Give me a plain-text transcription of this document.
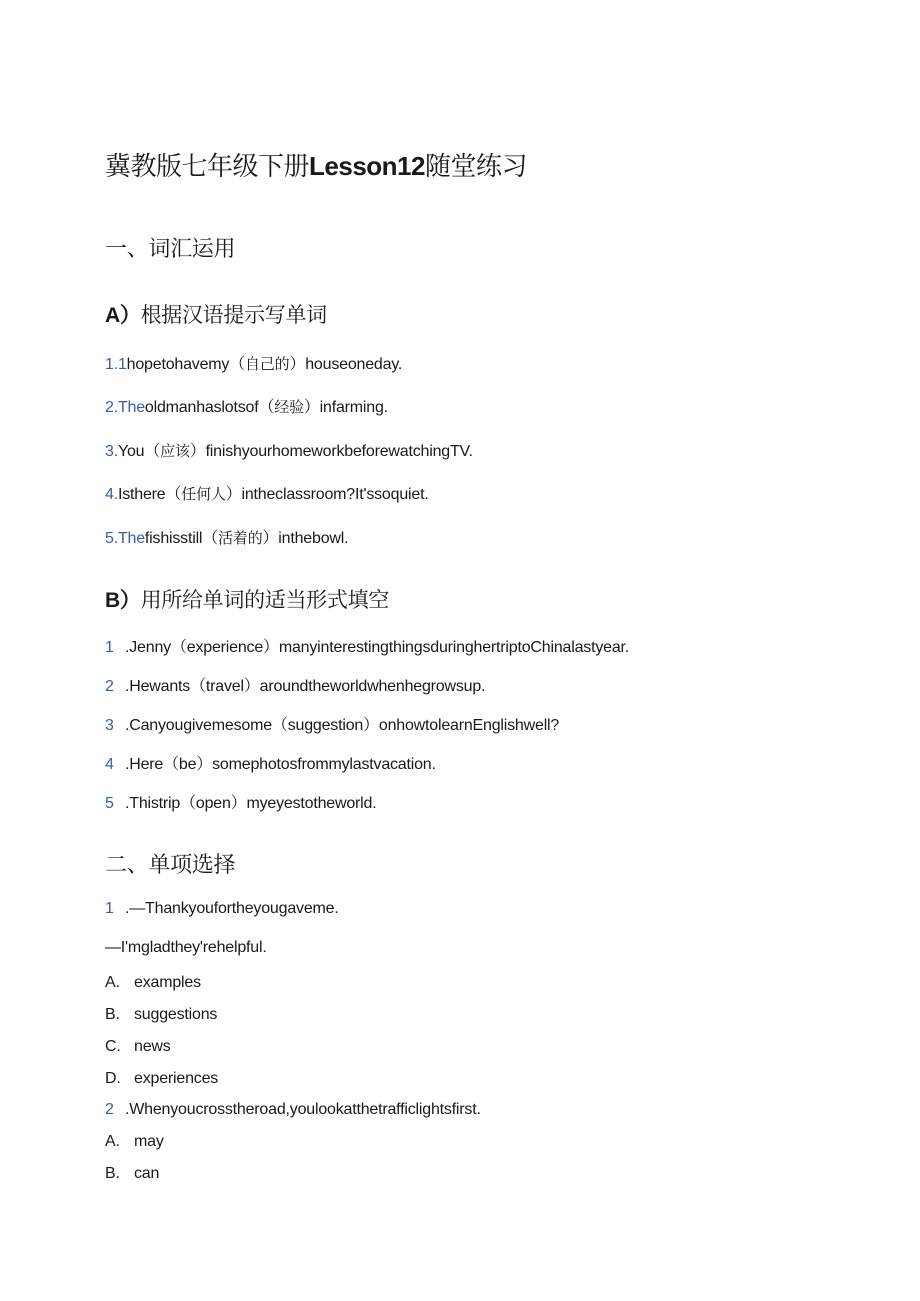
冀教版七年级下册Lesson12随堂练习
一、词汇运用
A）根据汉语提示写单词
1.1hopetohavemy（自己的）houseoneday.
2.Theoldmanhaslotsof（经验）infarming.
3.You（应该）finishyourhomeworkbeforewatchingTV.
4.Isthere（任何人）intheclassroom?It'ssoquiet.
5.Thefishisstill（活着的）inthebowl.
B）用所给单词的适当形式填空
1 .Jenny（experience）manyinterestingthingsduringhertriptoChinalastyear.
2 .Hewants（travel）aroundtheworldwhenhegrowsup.
3 .Canyougivemesome（suggestion）onhowtolearnEnglishwell?
4 .Here（be）somephotosfrommylastvacation.
5 .Thistrip（open）myeyestotheworld.
二、单项选择
1 .—Thankyoufortheyougaveme.
—I'mgladthey'rehelpful.
A. examples
B. suggestions
C. news
D. experiences
2 .Whenyoucrosstheroad,youlookatthetrafficlightsfirst.
A. may
B. can
